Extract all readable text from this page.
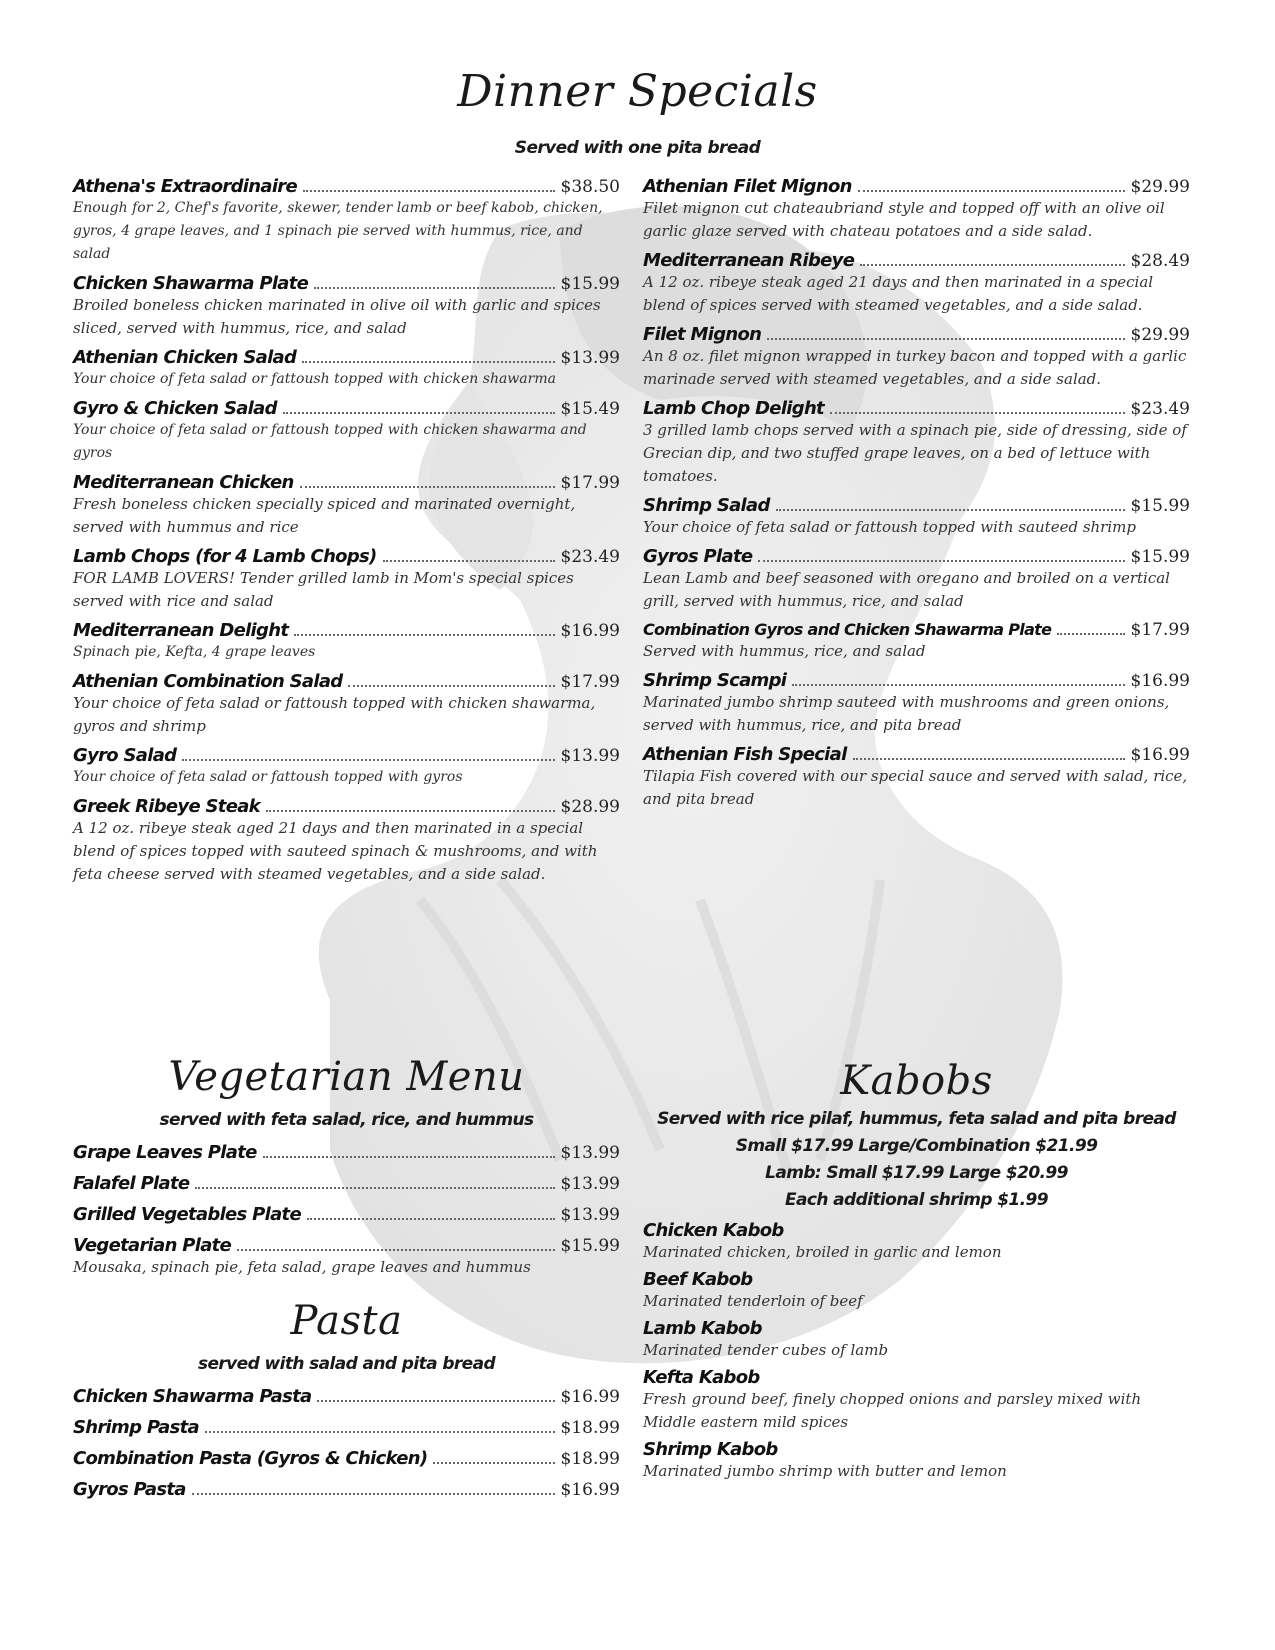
Dinner Specials
Served with one pita bread
Athena's Extraordinaire	$38.50
Enough for 2, Chef's favorite, skewer, tender lamb or beef kabob, chicken, gyros, 4 grape leaves, and 1 spinach pie served with hummus, rice, and salad
Chicken Shawarma Plate	$15.99
Broiled boneless chicken marinated in olive oil with garlic and spices sliced, served with hummus, rice, and salad
Athenian Chicken Salad	$13.99
Your choice of feta salad or fattoush topped with chicken shawarma
Gyro & Chicken Salad	$15.49
Your choice of feta salad or fattoush topped with chicken shawarma and gyros
Mediterranean Chicken	$17.99
Fresh boneless chicken specially spiced and marinated overnight, served with hummus and rice
Lamb Chops (for 4 Lamb Chops)	$23.49
FOR LAMB LOVERS! Tender grilled lamb in Mom's special spices served with rice and salad
Mediterranean Delight	$16.99
Spinach pie, Kefta, 4 grape leaves
Athenian Combination Salad	$17.99
Your choice of feta salad or fattoush topped with chicken shawarma, gyros and shrimp
Gyro Salad	$13.99
Your choice of feta salad or fattoush topped with gyros
Greek Ribeye Steak	$28.99
A 12 oz. ribeye steak aged 21 days and then marinated in a special blend of spices topped with sauteed spinach & mushrooms, and with feta cheese served with steamed vegetables, and a side salad.
Athenian Filet Mignon	$29.99
Filet mignon cut chateaubriand style and topped off with an olive oil garlic glaze served with chateau potatoes and a side salad.
Mediterranean Ribeye	$28.49
A 12 oz. ribeye steak aged 21 days and then marinated in a special blend of spices served with steamed vegetables, and a side salad.
Filet Mignon	$29.99
An 8 oz. filet mignon wrapped in turkey bacon and topped with a garlic marinade served with steamed vegetables, and a side salad.
Lamb Chop Delight	$23.49
3 grilled lamb chops served with a spinach pie, side of dressing, side of Grecian dip, and two stuffed grape leaves, on a bed of lettuce with tomatoes.
Shrimp Salad	$15.99
Your choice of feta salad or fattoush topped with sauteed shrimp
Gyros Plate	$15.99
Lean Lamb and beef seasoned with oregano and broiled on a vertical grill, served with hummus, rice, and salad
Combination Gyros and Chicken Shawarma Plate	$17.99
Served with hummus, rice, and salad
Shrimp Scampi	$16.99
Marinated jumbo shrimp sauteed with mushrooms and green onions, served with hummus, rice, and pita bread
Athenian Fish Special	$16.99
Tilapia Fish covered with our special sauce and served with salad, rice, and pita bread
Vegetarian Menu
served with feta salad, rice, and hummus
Grape Leaves Plate	$13.99
Falafel Plate	$13.99
Grilled Vegetables Plate	$13.99
Vegetarian Plate	$15.99
Mousaka, spinach pie, feta salad, grape leaves and hummus
Pasta
served with salad and pita bread
Chicken Shawarma Pasta	$16.99
Shrimp Pasta	$18.99
Combination Pasta (Gyros & Chicken)	$18.99
Gyros Pasta	$16.99
Kabobs
Served with rice pilaf, hummus, feta salad and pita bread
Small $17.99 Large/Combination $21.99
Lamb: Small $17.99 Large $20.99
Each additional shrimp $1.99
Chicken Kabob
Marinated chicken, broiled in garlic and lemon
Beef Kabob
Marinated tenderloin of beef
Lamb Kabob
Marinated tender cubes of lamb
Kefta Kabob
Fresh ground beef, finely chopped onions and parsley mixed with Middle eastern mild spices
Shrimp Kabob
Marinated jumbo shrimp with butter and lemon
